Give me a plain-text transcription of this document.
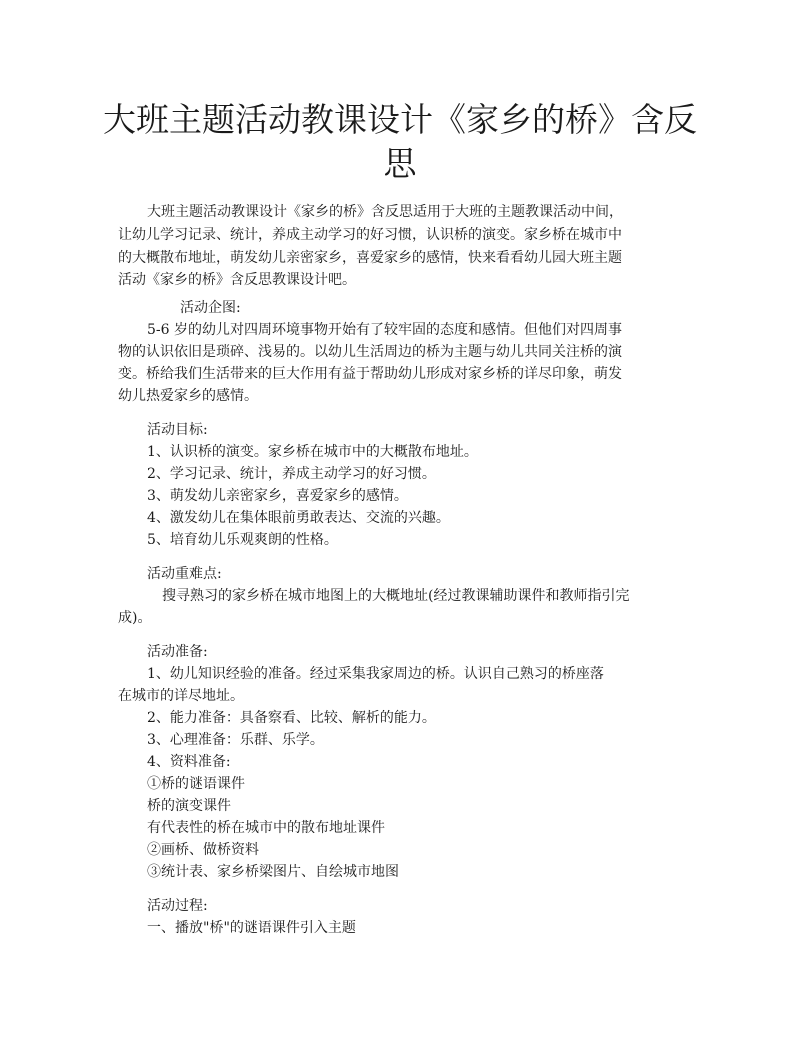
大班主题活动教课设计《家乡的桥》含反
思

大班主题活动教课设计《家乡的桥》含反思适用于大班的主题教课活动中间，

让幼儿学习记录、统计，养成主动学习的好习惯，认识桥的演变。家乡桥在城市中

的大概散布地址，萌发幼儿亲密家乡，喜爱家乡的感情，快来看看幼儿园大班主题

活动《家乡的桥》含反思教课设计吧。

活动企图:

5-6 岁的幼儿对四周环境事物开始有了较牢固的态度和感情。但他们对四周事

物的认识依旧是琐碎、浅易的。以幼儿生活周边的桥为主题与幼儿共同关注桥的演

变。桥给我们生活带来的巨大作用有益于帮助幼儿形成对家乡桥的详尽印象，萌发

幼儿热爱家乡的感情。

活动目标:

1、认识桥的演变。家乡桥在城市中的大概散布地址。

2、学习记录、统计，养成主动学习的好习惯。

3、萌发幼儿亲密家乡，喜爱家乡的感情。

4、激发幼儿在集体眼前勇敢表达、交流的兴趣。

5、培育幼儿乐观爽朗的性格。

活动重难点:

搜寻熟习的家乡桥在城市地图上的大概地址(经过教课辅助课件和教师指引完

成)。

活动准备:

1、幼儿知识经验的准备。经过采集我家周边的桥。认识自己熟习的桥座落

在城市的详尽地址。

2、能力准备：具备察看、比较、解析的能力。

3、心理准备：乐群、乐学。

4、资料准备:

①桥的谜语课件

桥的演变课件

有代表性的桥在城市中的散布地址课件

②画桥、做桥资料

③统计表、家乡桥梁图片、自绘城市地图

活动过程:

一、播放"桥"的谜语课件引入主题
